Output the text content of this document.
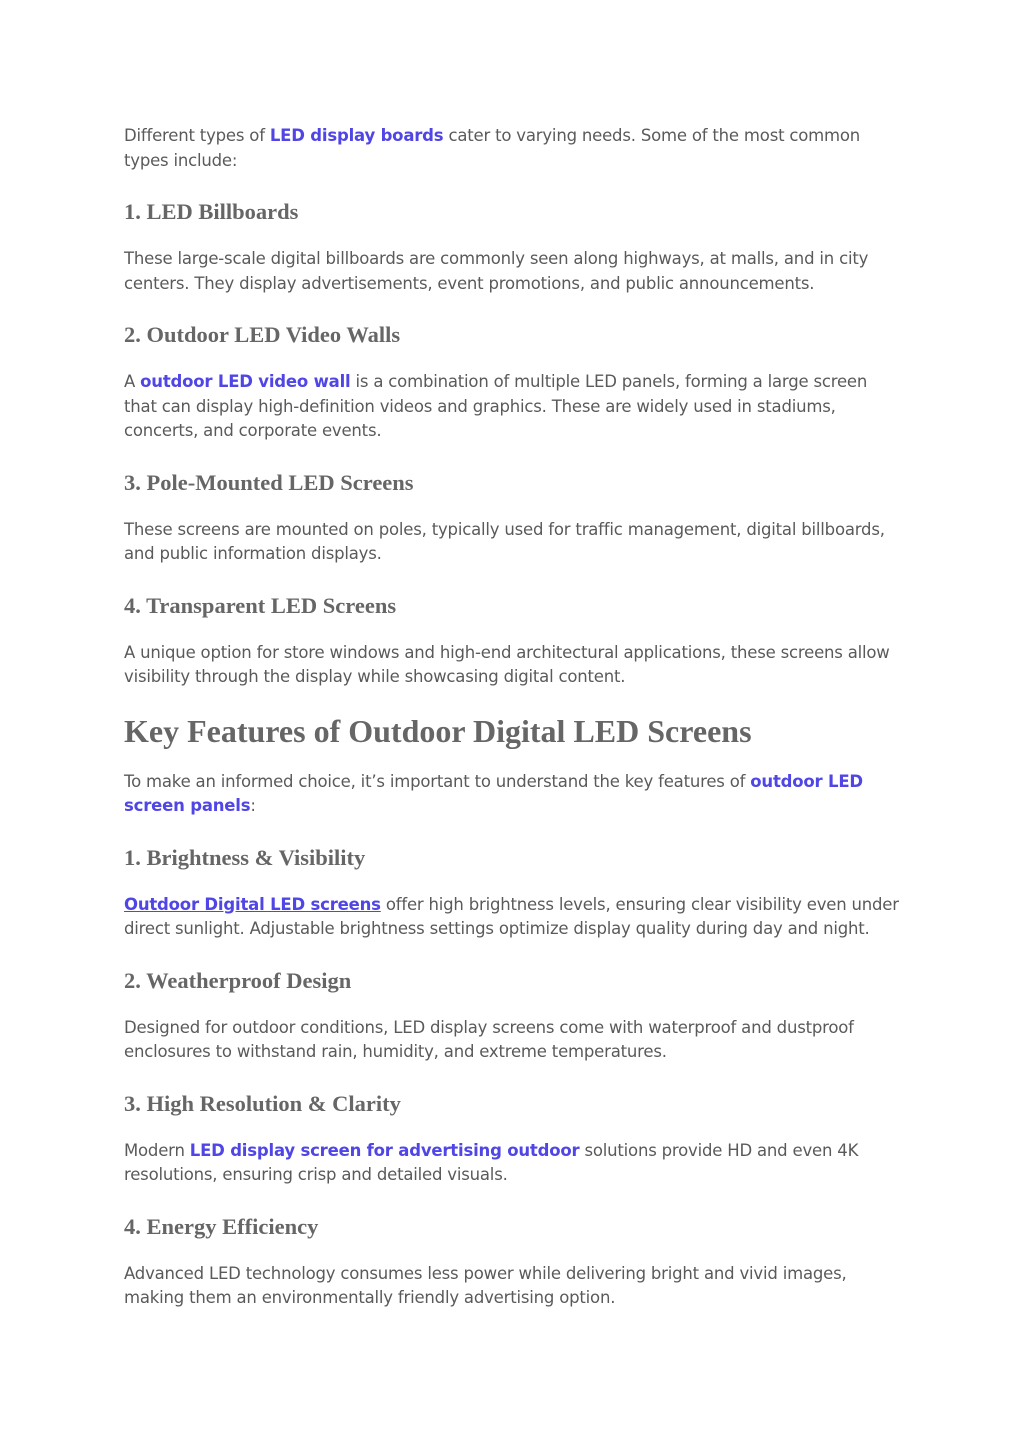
Different types of LED display boards cater to varying needs. Some of the most common types include:

1. LED Billboards

These large-scale digital billboards are commonly seen along highways, at malls, and in city centers. They display advertisements, event promotions, and public announcements.

2. Outdoor LED Video Walls

A outdoor LED video wall is a combination of multiple LED panels, forming a large screen that can display high-definition videos and graphics. These are widely used in stadiums, concerts, and corporate events.

3. Pole-Mounted LED Screens

These screens are mounted on poles, typically used for traffic management, digital billboards, and public information displays.

4. Transparent LED Screens

A unique option for store windows and high-end architectural applications, these screens allow visibility through the display while showcasing digital content.

Key Features of Outdoor Digital LED Screens

To make an informed choice, it’s important to understand the key features of outdoor LED screen panels:

1. Brightness & Visibility

Outdoor Digital LED screens offer high brightness levels, ensuring clear visibility even under direct sunlight. Adjustable brightness settings optimize display quality during day and night.

2. Weatherproof Design

Designed for outdoor conditions, LED display screens come with waterproof and dustproof enclosures to withstand rain, humidity, and extreme temperatures.

3. High Resolution & Clarity

Modern LED display screen for advertising outdoor solutions provide HD and even 4K resolutions, ensuring crisp and detailed visuals.

4. Energy Efficiency

Advanced LED technology consumes less power while delivering bright and vivid images, making them an environmentally friendly advertising option.
